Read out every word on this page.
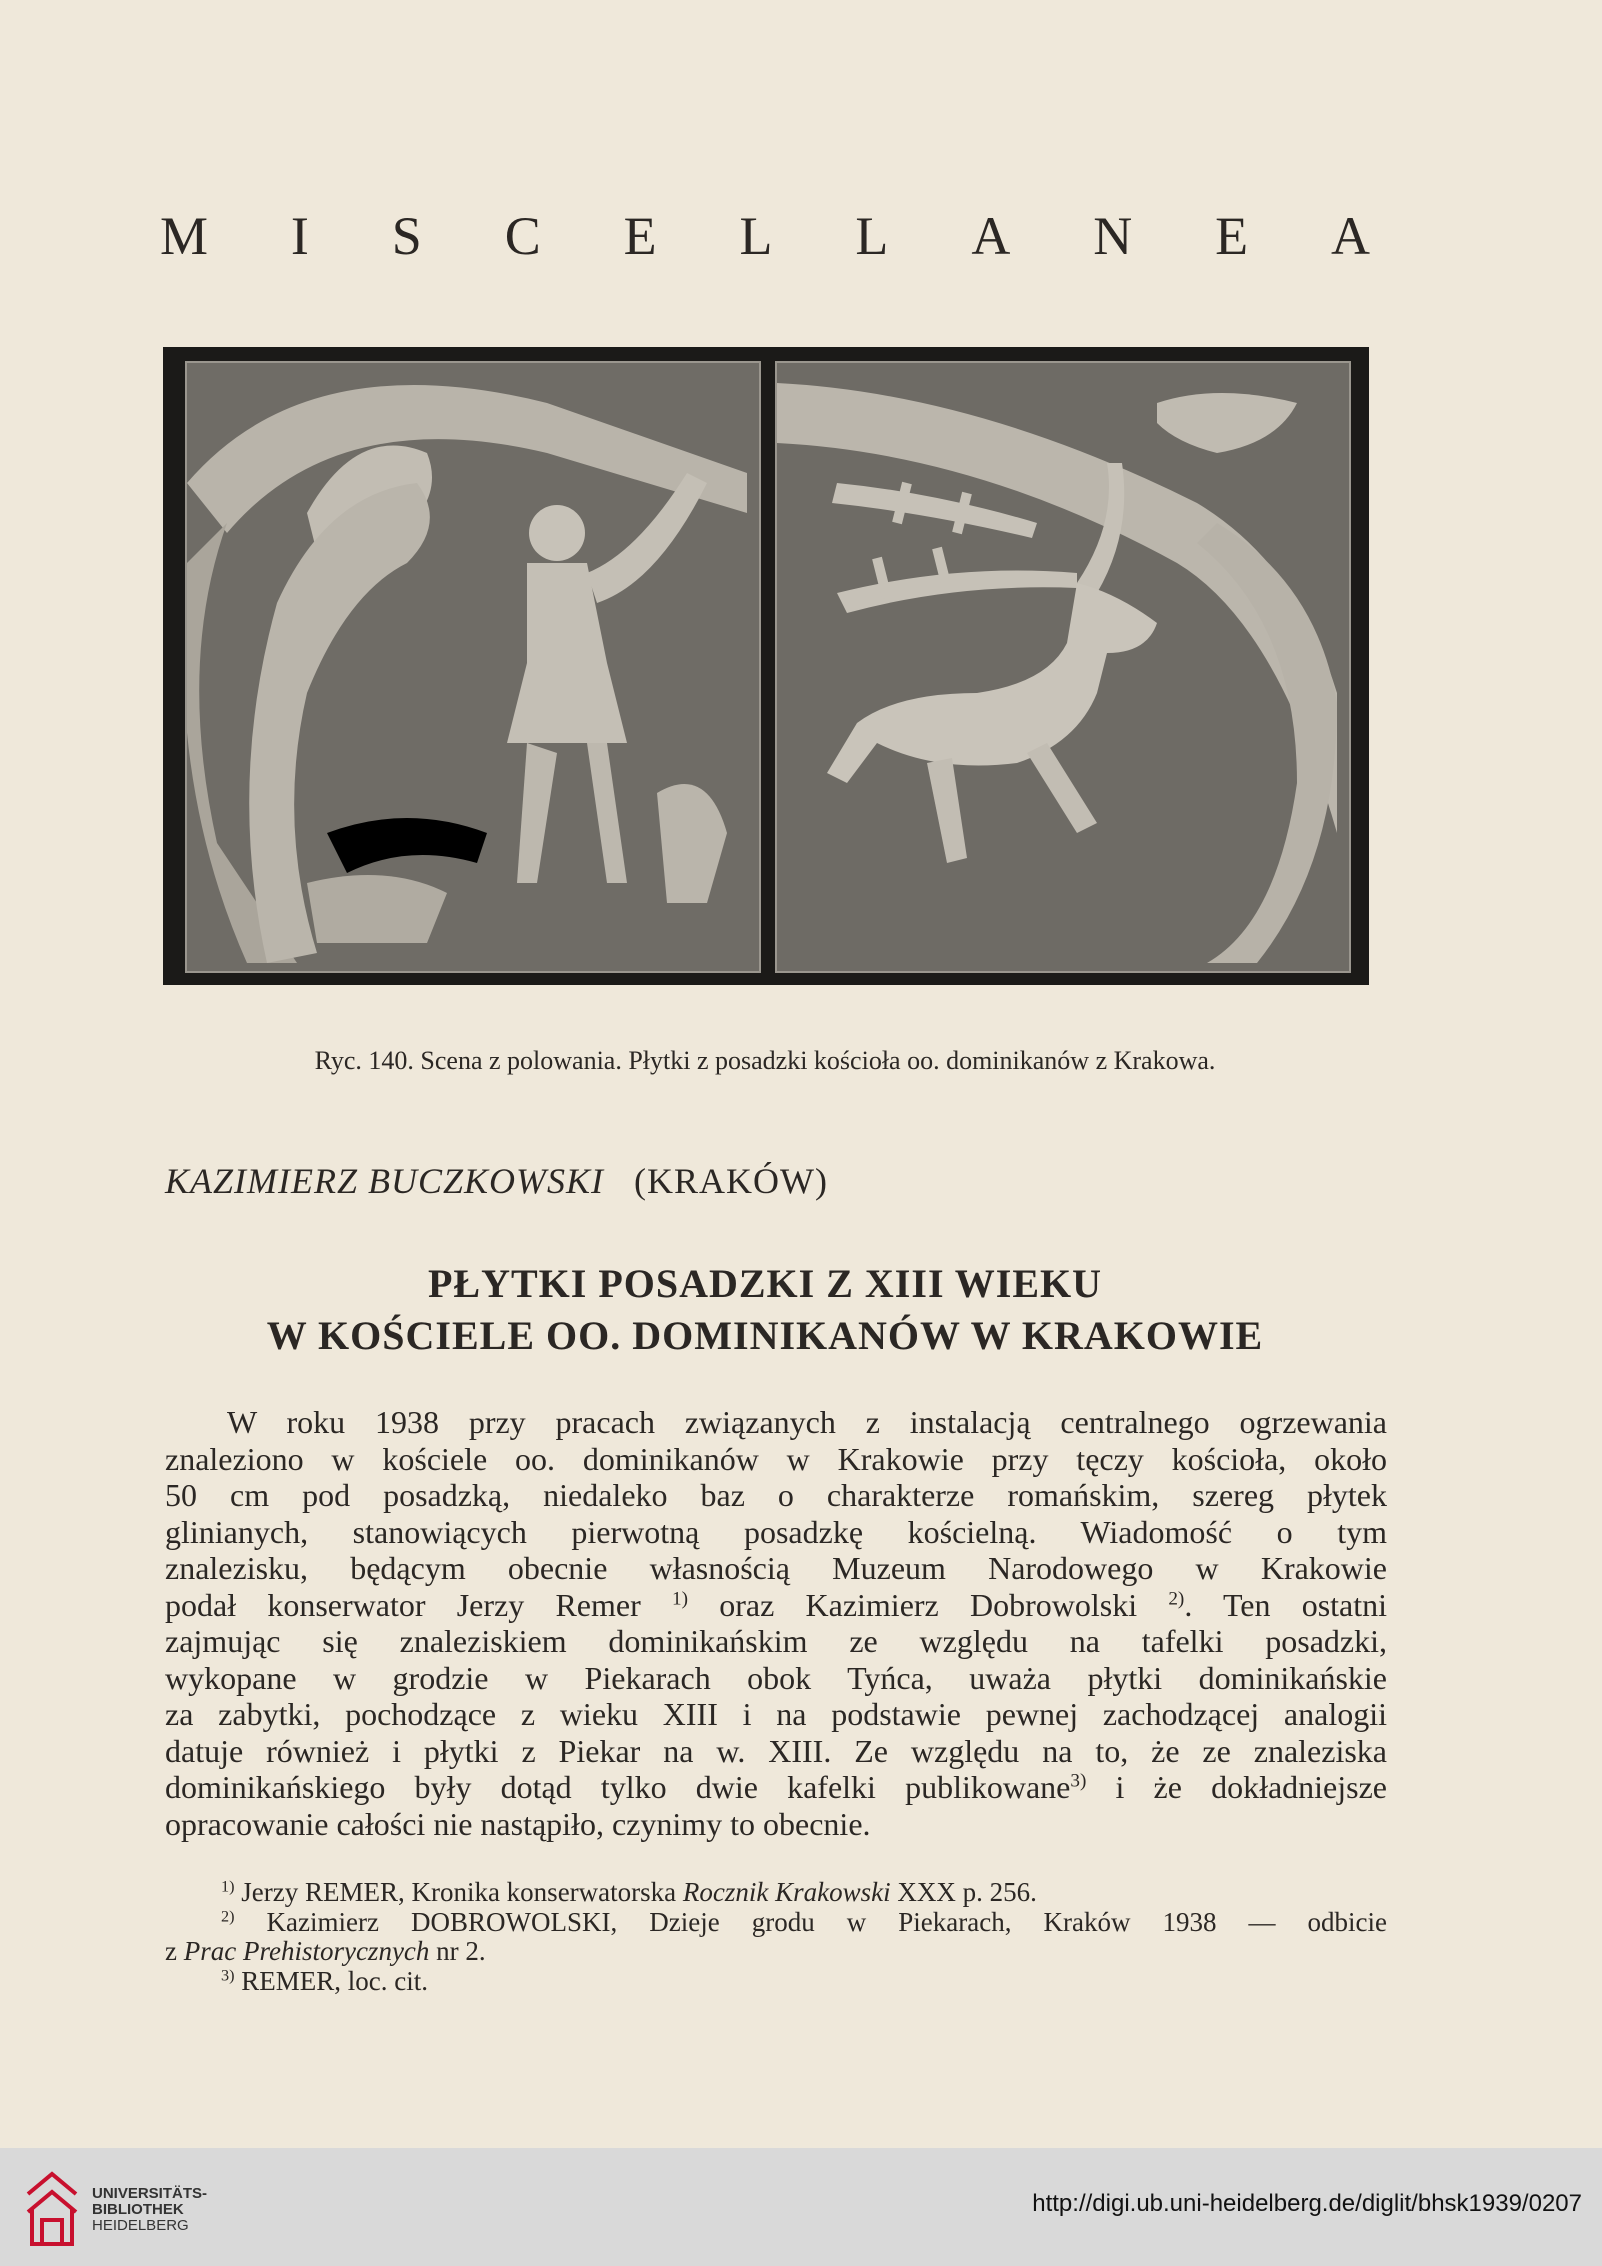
M I S C E L L A N E A
Ryc. 140. Scena z polowania. Płytki z posadzki kościoła oo. dominikanów z Krakowa.
KAZIMIERZ BUCZKOWSKI (KRAKÓW)
PŁYTKI POSADZKI Z XIII WIEKU
W KOŚCIELE OO. DOMINIKANÓW W KRAKOWIE
W roku 1938 przy pracach związanych z instalacją centralnego ogrzewania
znaleziono w kościele oo. dominikanów w Krakowie przy tęczy kościoła, około
50 cm pod posadzką, niedaleko baz o charakterze romańskim, szereg płytek
glinianych, stanowiących pierwotną posadzkę kościelną. Wiadomość o tym
znalezisku, będącym obecnie własnością Muzeum Narodowego w Krakowie
podał konserwator Jerzy Remer $^{1)}$ oraz Kazimierz Dobrowolski $^{2)}$. Ten ostatni
zajmując się znaleziskiem dominikańskim ze względu na tafelki posadzki,
wykopane w grodzie w Piekarach obok Tyńca, uważa płytki dominikańskie
za zabytki, pochodzące z wieku XIII i na podstawie pewnej zachodzącej analogii
datuje również i płytki z Piekar na w. XIII. Ze względu na to, że ze znaleziska
dominikańskiego były dotąd tylko dwie kafelki publikowane$^{3)}$ i że dokładniejsze
opracowanie całości nie nastąpiło, czynimy to obecnie.
$^{1)}$ Jerzy REMER, Kronika konserwatorska Rocznik Krakowski XXX p. 256.
$^{2)}$ Kazimierz DOBROWOLSKI, Dzieje grodu w Piekarach, Kraków 1938 — odbicie
z Prac Prehistorycznych nr 2.
$^{3)}$ REMER, loc. cit.
UNIVERSITÄTS-
BIBLIOTHEK
HEIDELBERG
http://digi.ub.uni-heidelberg.de/diglit/bhsk1939/0207
